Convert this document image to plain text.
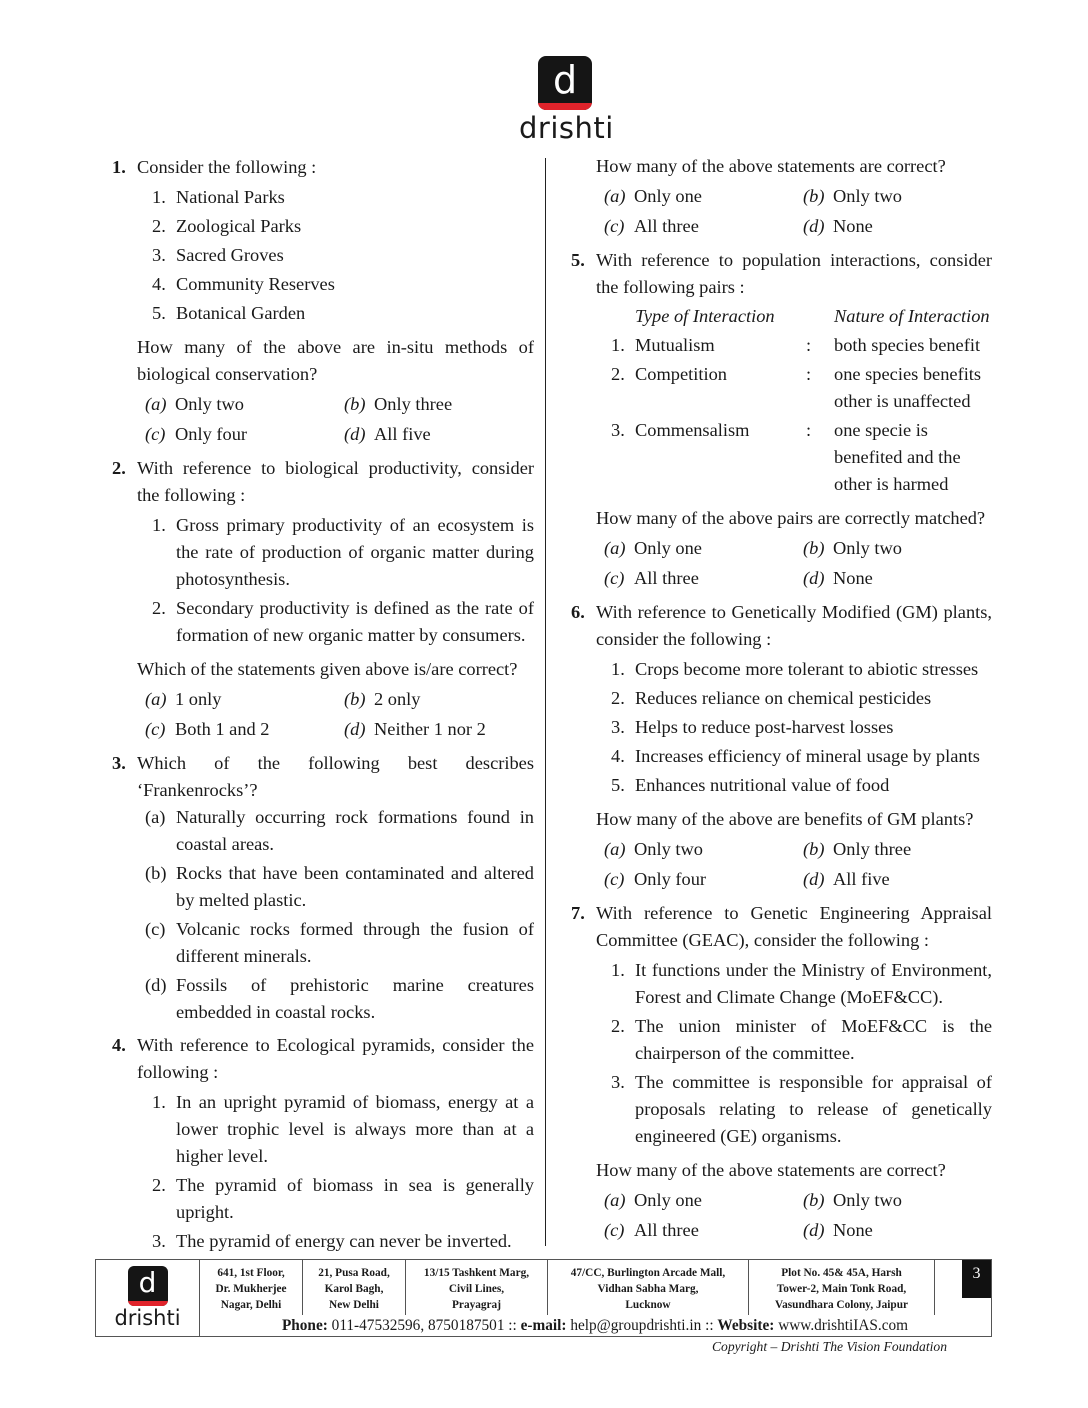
d
drishti
1. Consider the following :
1. National Parks
2. Zoological Parks
3. Sacred Groves
4. Community Reserves
5. Botanical Garden
How many of the above are in-situ methods of biological conservation?
(a) Only two	(b) Only three
(c) Only four	(d) All five
2. With reference to biological productivity, consider the following :
1. Gross primary productivity of an ecosystem is the rate of production of organic matter during photosynthesis.
2. Secondary productivity is defined as the rate of formation of new organic matter by consumers.
Which of the statements given above is/are correct?
(a) 1 only	(b) 2 only
(c) Both 1 and 2	(d) Neither 1 nor 2
3. Which of the following best describes ‘Frankenrocks’?
(a) Naturally occurring rock formations found in coastal areas.
(b) Rocks that have been contaminated and altered by melted plastic.
(c) Volcanic rocks formed through the fusion of different minerals.
(d) Fossils of prehistoric marine creatures embedded in coastal rocks.
4. With reference to Ecological pyramids, consider the following :
1. In an upright pyramid of biomass, energy at a lower trophic level is always more than at a higher level.
2. The pyramid of biomass in sea is generally upright.
3. The pyramid of energy can never be inverted.
How many of the above statements are correct?
(a) Only one	(b) Only two
(c) All three	(d) None
5. With reference to population interactions, consider the following pairs :
Type of Interaction	Nature of Interaction
1. Mutualism	:	both species benefit
2. Competition	:	one species benefits other is unaffected
3. Commensalism	:	one specie is benefited and the other is harmed
How many of the above pairs are correctly matched?
(a) Only one	(b) Only two
(c) All three	(d) None
6. With reference to Genetically Modified (GM) plants, consider the following :
1. Crops become more tolerant to abiotic stresses
2. Reduces reliance on chemical pesticides
3. Helps to reduce post-harvest losses
4. Increases efficiency of mineral usage by plants
5. Enhances nutritional value of food
How many of the above are benefits of GM plants?
(a) Only two	(b) Only three
(c) Only four	(d) All five
7. With reference to Genetic Engineering Appraisal Committee (GEAC), consider the following :
1. It functions under the Ministry of Environment, Forest and Climate Change (MoEF&CC).
2. The union minister of MoEF&CC is the chairperson of the committee.
3. The committee is responsible for appraisal of proposals relating to release of genetically engineered (GE) organisms.
How many of the above statements are correct?
(a) Only one	(b) Only two
(c) All three	(d) None
d
drishti
641, 1st Floor,
Dr. Mukherjee
Nagar, Delhi
21, Pusa Road,
Karol Bagh,
New Delhi
13/15 Tashkent Marg,
Civil Lines,
Prayagraj
47/CC, Burlington Arcade Mall,
Vidhan Sabha Marg,
Lucknow
Plot No. 45& 45A, Harsh
Tower-2, Main Tonk Road,
Vasundhara Colony, Jaipur
3
Phone: 011-47532596, 8750187501 :: e-mail: help@groupdrishti.in :: Website: www.drishtiIAS.com
Copyright – Drishti The Vision Foundation
